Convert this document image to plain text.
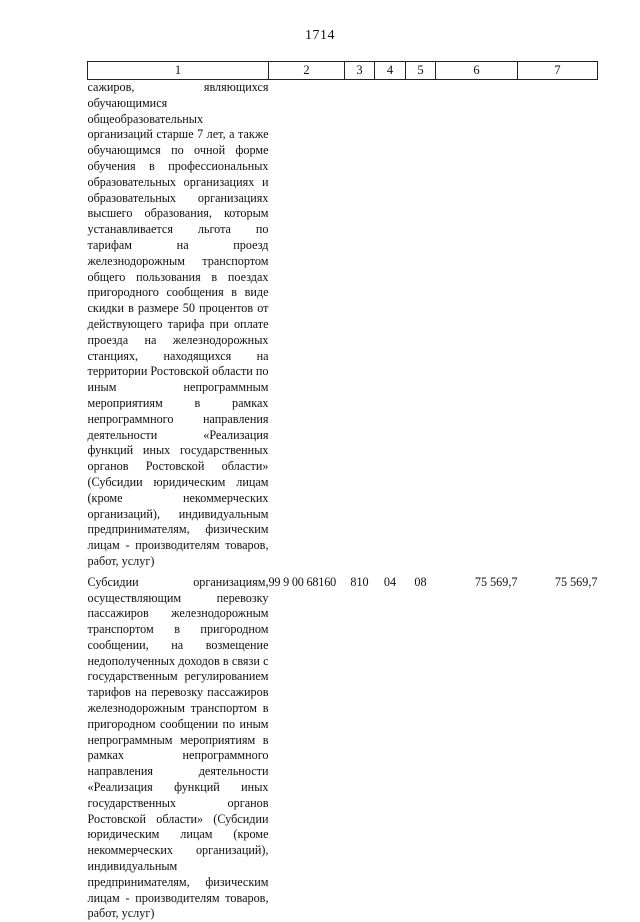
1714
1	2	3	4	5	6	7
сажиров, являющихся обучающимися общеобразовательных организаций старше 7 лет, а также обучающимся по очной форме обучения в профессиональных образовательных организациях и образовательных организациях высшего образования, которым устанавливается льгота по тарифам на проезд железнодорожным транспортом общего пользования в поездах пригородного сообщения в виде скидки в размере 50 процентов от действующего тарифа при оплате проезда на железнодорожных станциях, находящихся на территории Ростовской области по иным непрограммным мероприятиям в рамках непрограммного направления деятельности «Реализация функций иных государственных органов Ростовской области» (Субсидии юридическим лицам (кроме некоммерческих организаций), индивидуальным предпринимателям, физическим лицам - производителям товаров, работ, услуг)						
Субсидии организациям, осуществляющим перевозку пассажиров железнодорожным транспортом в пригородном сообщении, на возмещение недополученных доходов в связи с государственным регулированием тарифов на перевозку пассажиров железнодорожным транспортом в пригородном сообщении по иным непрограммным мероприятиям в рамках непрограммного направления деятельности «Реализация функций иных государственных органов Ростовской области» (Субсидии юридическим лицам (кроме некоммерческих организаций), индивидуальным предпринимателям, физическим лицам - производителям товаров, работ, услуг)	99 9 00 68160	810	04	08	75 569,7	75 569,7
